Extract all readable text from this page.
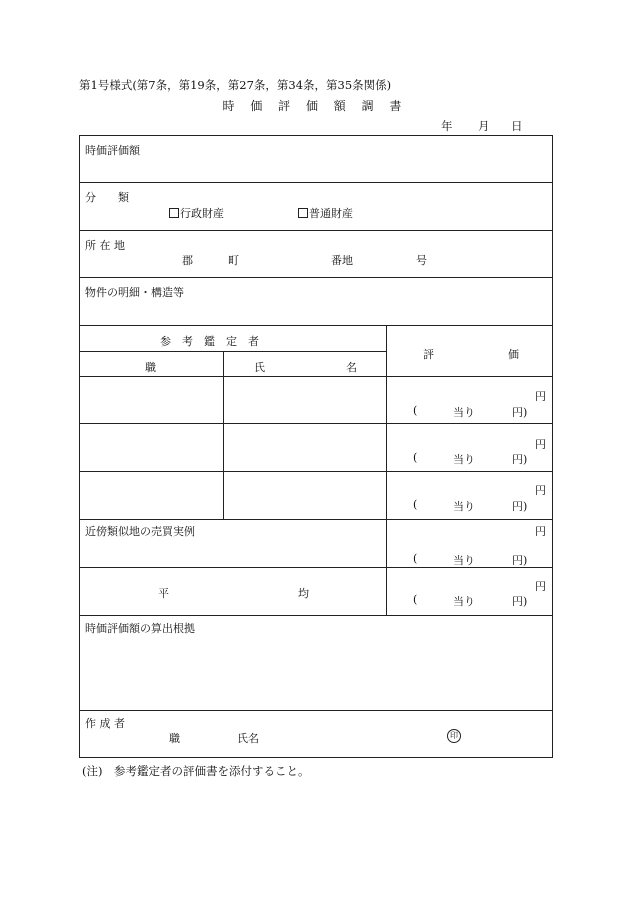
第1号様式(第7条，第19条，第27条，第34条，第35条関係)
時 価 評 価 額 調 書
年 月 日
時価評価額		

分　　類
行政財産 普通財産		

所 在 地
郡 町 番地 号		

物件の明細・構造等		

参　考　鑑　定　者		評 価

職	氏 名	

		円
( 当り 円)

		円
( 当り 円)

		円
( 当り 円)

近傍類似地の売買実例		円
( 当り 円)

平 均		円
( 当り 円)

時価評価額の算出根拠		

作 成 者
職 氏名 印		
(注)　参考鑑定者の評価書を添付すること。
